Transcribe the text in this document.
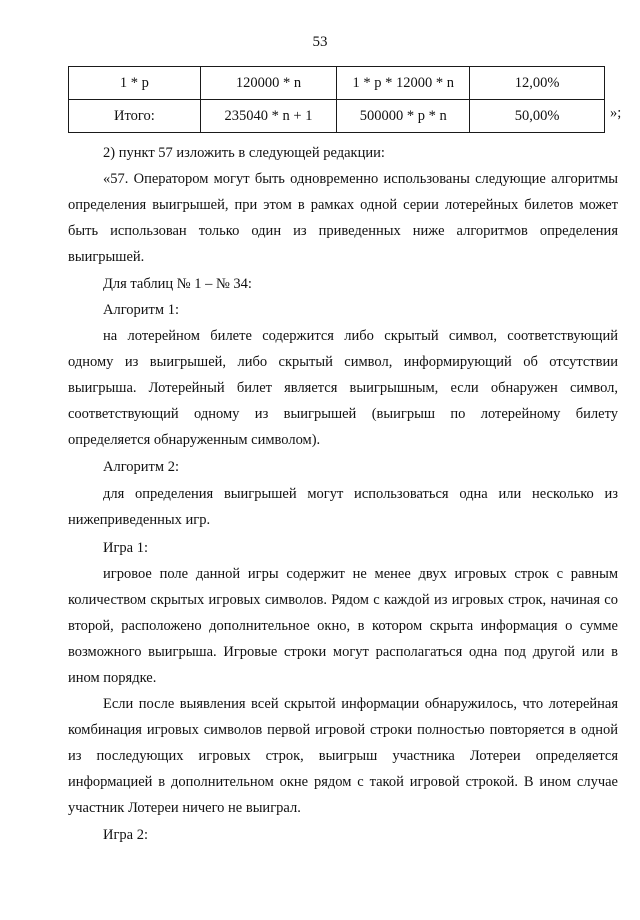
53
1 * p	120000 * n	1 * p * 12000 * n	12,00%
Итого:	235040 * n + 1	500000 * p * n	50,00%	»;

2) пункт 57 изложить в следующей редакции:

«57. Оператором могут быть одновременно использованы следующие алгоритмы определения выигрышей, при этом в рамках одной серии лотерейных билетов может быть использован только один из приведенных ниже алгоритмов определения выигрышей.

Для таблиц № 1 – № 34:

Алгоритм 1:

на лотерейном билете содержится либо скрытый символ, соответствующий одному из выигрышей, либо скрытый символ, информирующий об отсутствии выигрыша. Лотерейный билет является выигрышным, если обнаружен символ, соответствующий одному из выигрышей (выигрыш по лотерейному билету определяется обнаруженным символом).

Алгоритм 2:

для определения выигрышей могут использоваться одна или несколько из нижеприведенных игр.

Игра 1:

игровое поле данной игры содержит не менее двух игровых строк с равным количеством скрытых игровых символов. Рядом с каждой из игровых строк, начиная со второй, расположено дополнительное окно, в котором скрыта информация о сумме возможного выигрыша. Игровые строки могут располагаться одна под другой или в ином порядке.

Если после выявления всей скрытой информации обнаружилось, что лотерейная комбинация игровых символов первой игровой строки полностью повторяется в одной из последующих игровых строк, выигрыш участника Лотереи определяется информацией в дополнительном окне рядом с такой игровой строкой. В ином случае участник Лотереи ничего не выиграл.

Игра 2:
